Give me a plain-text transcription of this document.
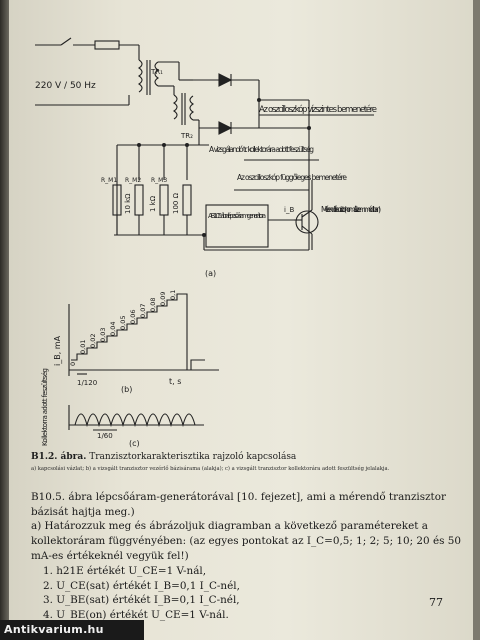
220 V / 50 Hz
TR₁
TR₂
Az oszcilloszkóp vízszintes bemenetére
A vizsgálandó tr. kollektorára adott feszültség
Az oszcilloszkóp függőleges bemenetére
A B10.5. ábra lépcsőáram-generátora
Mérendő tranzisztor (normál üzemmódban)
i_B
R_M1 R_M2 R_M3
10 kΩ 1 kΩ 100 Ω
(a)
i_B, mA 0
0,01 0,02 0,03 0,04 0,05 0,06 0,07 0,08 0,09 0,1
1/120	t, s
(b)
Kollektorra adott feszültség
1/60
(c)
B1.2. ábra. Tranzisztorkarakterisztika rajzoló kapcsolása
a) kapcsolási vázlat; b) a vizsgált tranzisztor vezérlő bázisárama (alakja); c) a vizsgált tranzisztor kollektorára adott feszültség jelalakja.
B10.5. ábra lépcsőáram-generátorával [10. fejezet], ami a mérendő tranzisztor bázisát hajtja meg.)
a) Határozzuk meg és ábrázoljuk diagramban a következő paramétereket a kollektoráram függvényében: (az egyes pontokat az I_C=0,5; 1; 2; 5; 10; 20 és 50 mA-es értékeknél vegyük fel!)
1. h21E értékét U_CE=1 V-nál,
2. U_CE(sat) értékét I_B=0,1 I_C-nél,
3. U_BE(sat) értékét I_B=0,1 I_C-nél,
4. U_BE(on) értékét U_CE=1 V-nál.
77
Antikvarium.hu
